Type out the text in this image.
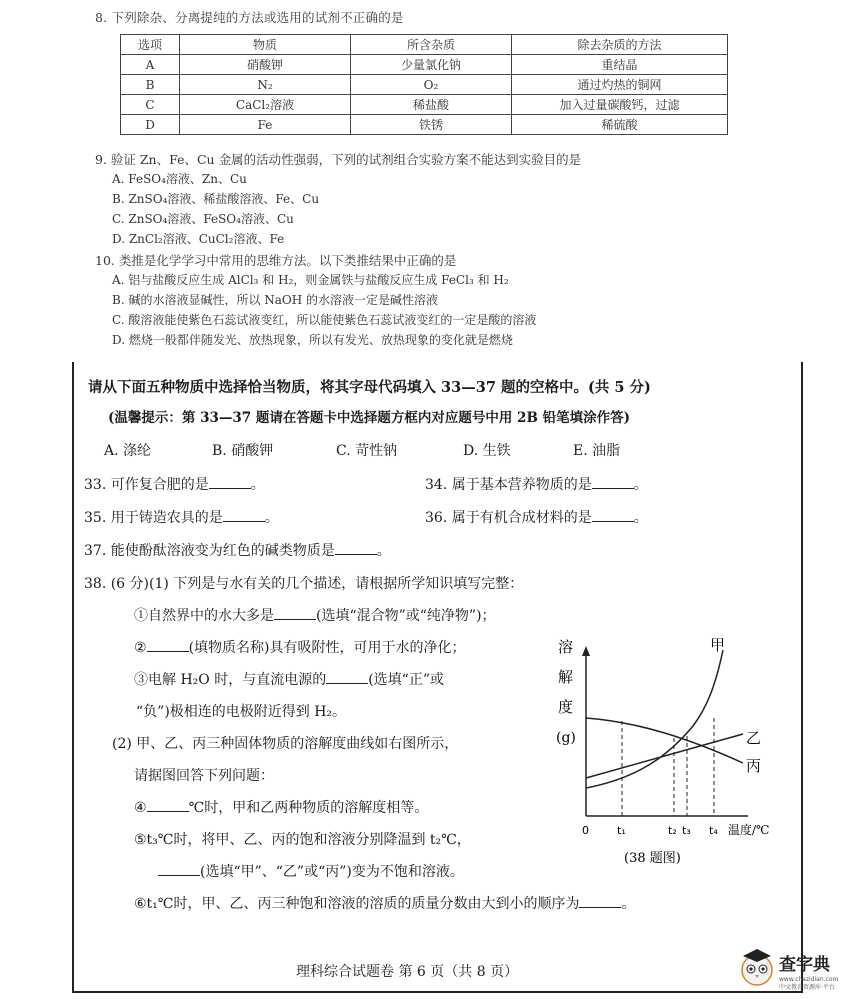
8. 下列除杂、分离提纯的方法或选用的试剂不正确的是
选项	物质	所含杂质	除去杂质的方法
A	硝酸钾	少量氯化钠	重结晶
B	N₂	O₂	通过灼热的铜网
C	CaCl₂溶液	稀盐酸	加入过量碳酸钙，过滤
D	Fe	铁锈	稀硫酸
9. 验证 Zn、Fe、Cu 金属的活动性强弱，下列的试剂组合实验方案不能达到实验目的是
A. FeSO₄溶液、Zn、Cu
B. ZnSO₄溶液、稀盐酸溶液、Fe、Cu
C. ZnSO₄溶液、FeSO₄溶液、Cu
D. ZnCl₂溶液、CuCl₂溶液、Fe
10. 类推是化学学习中常用的思维方法。以下类推结果中正确的是
A. 铝与盐酸反应生成 AlCl₃ 和 H₂，则金属铁与盐酸反应生成 FeCl₃ 和 H₂
B. 碱的水溶液显碱性，所以 NaOH 的水溶液一定是碱性溶液
C. 酸溶液能使紫色石蕊试液变红，所以能使紫色石蕊试液变红的一定是酸的溶液
D. 燃烧一般都伴随发光、放热现象，所以有发光、放热现象的变化就是燃烧
请从下面五种物质中选择恰当物质，将其字母代码填入 33—37 题的空格中。(共 5 分)
(温馨提示：第 33—37 题请在答题卡中选择题方框内对应题号中用 2B 铅笔填涂作答)
A. 涤纶	B. 硝酸钾	C. 苛性钠	D. 生铁	E. 油脂
33. 可作复合肥的是	。	34. 属于基本营养物质的是	。
35. 用于铸造农具的是	。	36. 属于有机合成材料的是	。
37. 能使酚酞溶液变为红色的碱类物质是	。
38. (6 分)(1) 下列是与水有关的几个描述，请根据所学知识填写完整：
①自然界中的水大多是	(选填“混合物”或“纯净物”)；
②	(填物质名称)具有吸附性，可用于水的净化；
③电解 H₂O 时，与直流电源的	(选填“正”或
“负”)极相连的电极附近得到 H₂。
(2) 甲、乙、丙三种固体物质的溶解度曲线如右图所示，
请据图回答下列问题：
④	℃时，甲和乙两种物质的溶解度相等。
⑤t₃℃时，将甲、乙、丙的饱和溶液分别降温到 t₂℃，
(选填“甲”、“乙”或“丙”)变为不饱和溶液。
⑥t₁℃时，甲、乙、丙三种饱和溶液的溶质的质量分数由大到小的顺序为	。
理科综合试题卷 第 6 页（共 8 页）
溶
解
度
(g)
甲
乙
丙
0	t₁	t₂ t₃ t₄ 温度/℃
(38 题图)
查字典
www.chazidian.com
中文教育资源库·平台
